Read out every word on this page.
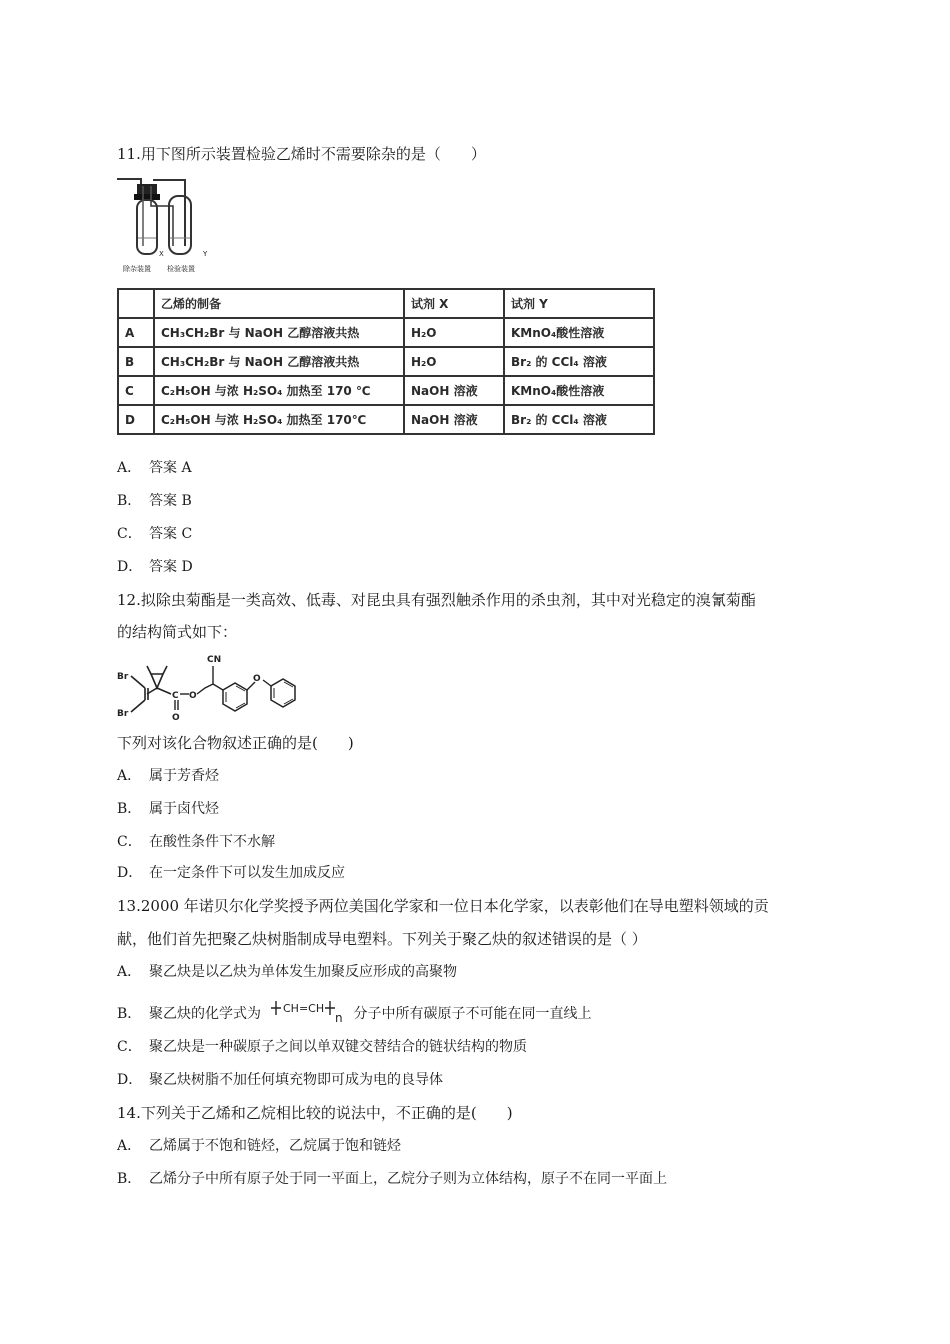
11.用下图所示装置检验乙烯时不需要除杂的是（　　）
X	Y
除杂装置 检验装置
	乙烯的制备	试剂 X	试剂 Y
A	CH₃CH₂Br 与 NaOH 乙醇溶液共热	H₂O	KMnO₄酸性溶液
B	CH₃CH₂Br 与 NaOH 乙醇溶液共热	H₂O	Br₂ 的 CCl₄ 溶液
C	C₂H₅OH 与浓 H₂SO₄ 加热至 170 ℃	NaOH 溶液	KMnO₄酸性溶液
D	C₂H₅OH 与浓 H₂SO₄ 加热至 170℃	NaOH 溶液	Br₂ 的 CCl₄ 溶液
A． 答案 A
B． 答案 B
C． 答案 C
D． 答案 D
12.拟除虫菊酯是一类高效、低毒、对昆虫具有强烈触杀作用的杀虫剂，其中对光稳定的溴氰菊酯
的结构简式如下：
Br
Br
C
O
O
CN
O
下列对该化合物叙述正确的是(　　)
A． 属于芳香烃
B． 属于卤代烃
C． 在酸性条件下不水解
D． 在一定条件下可以发生加成反应
13.2000 年诺贝尔化学奖授予两位美国化学家和一位日本化学家，以表彰他们在导电塑料领域的贡
献，他们首先把聚乙炔树脂制成导电塑料。下列关于聚乙炔的叙述错误的是（ ）
A． 聚乙炔是以乙炔为单体发生加聚反应形成的高聚物
B． 聚乙炔的化学式为 CH=CH
n 分子中所有碳原子不可能在同一直线上
C． 聚乙炔是一种碳原子之间以单双键交替结合的链状结构的物质
D． 聚乙炔树脂不加任何填充物即可成为电的良导体
14.下列关于乙烯和乙烷相比较的说法中，不正确的是(　　)
A． 乙烯属于不饱和链烃，乙烷属于饱和链烃
B． 乙烯分子中所有原子处于同一平面上，乙烷分子则为立体结构，原子不在同一平面上
